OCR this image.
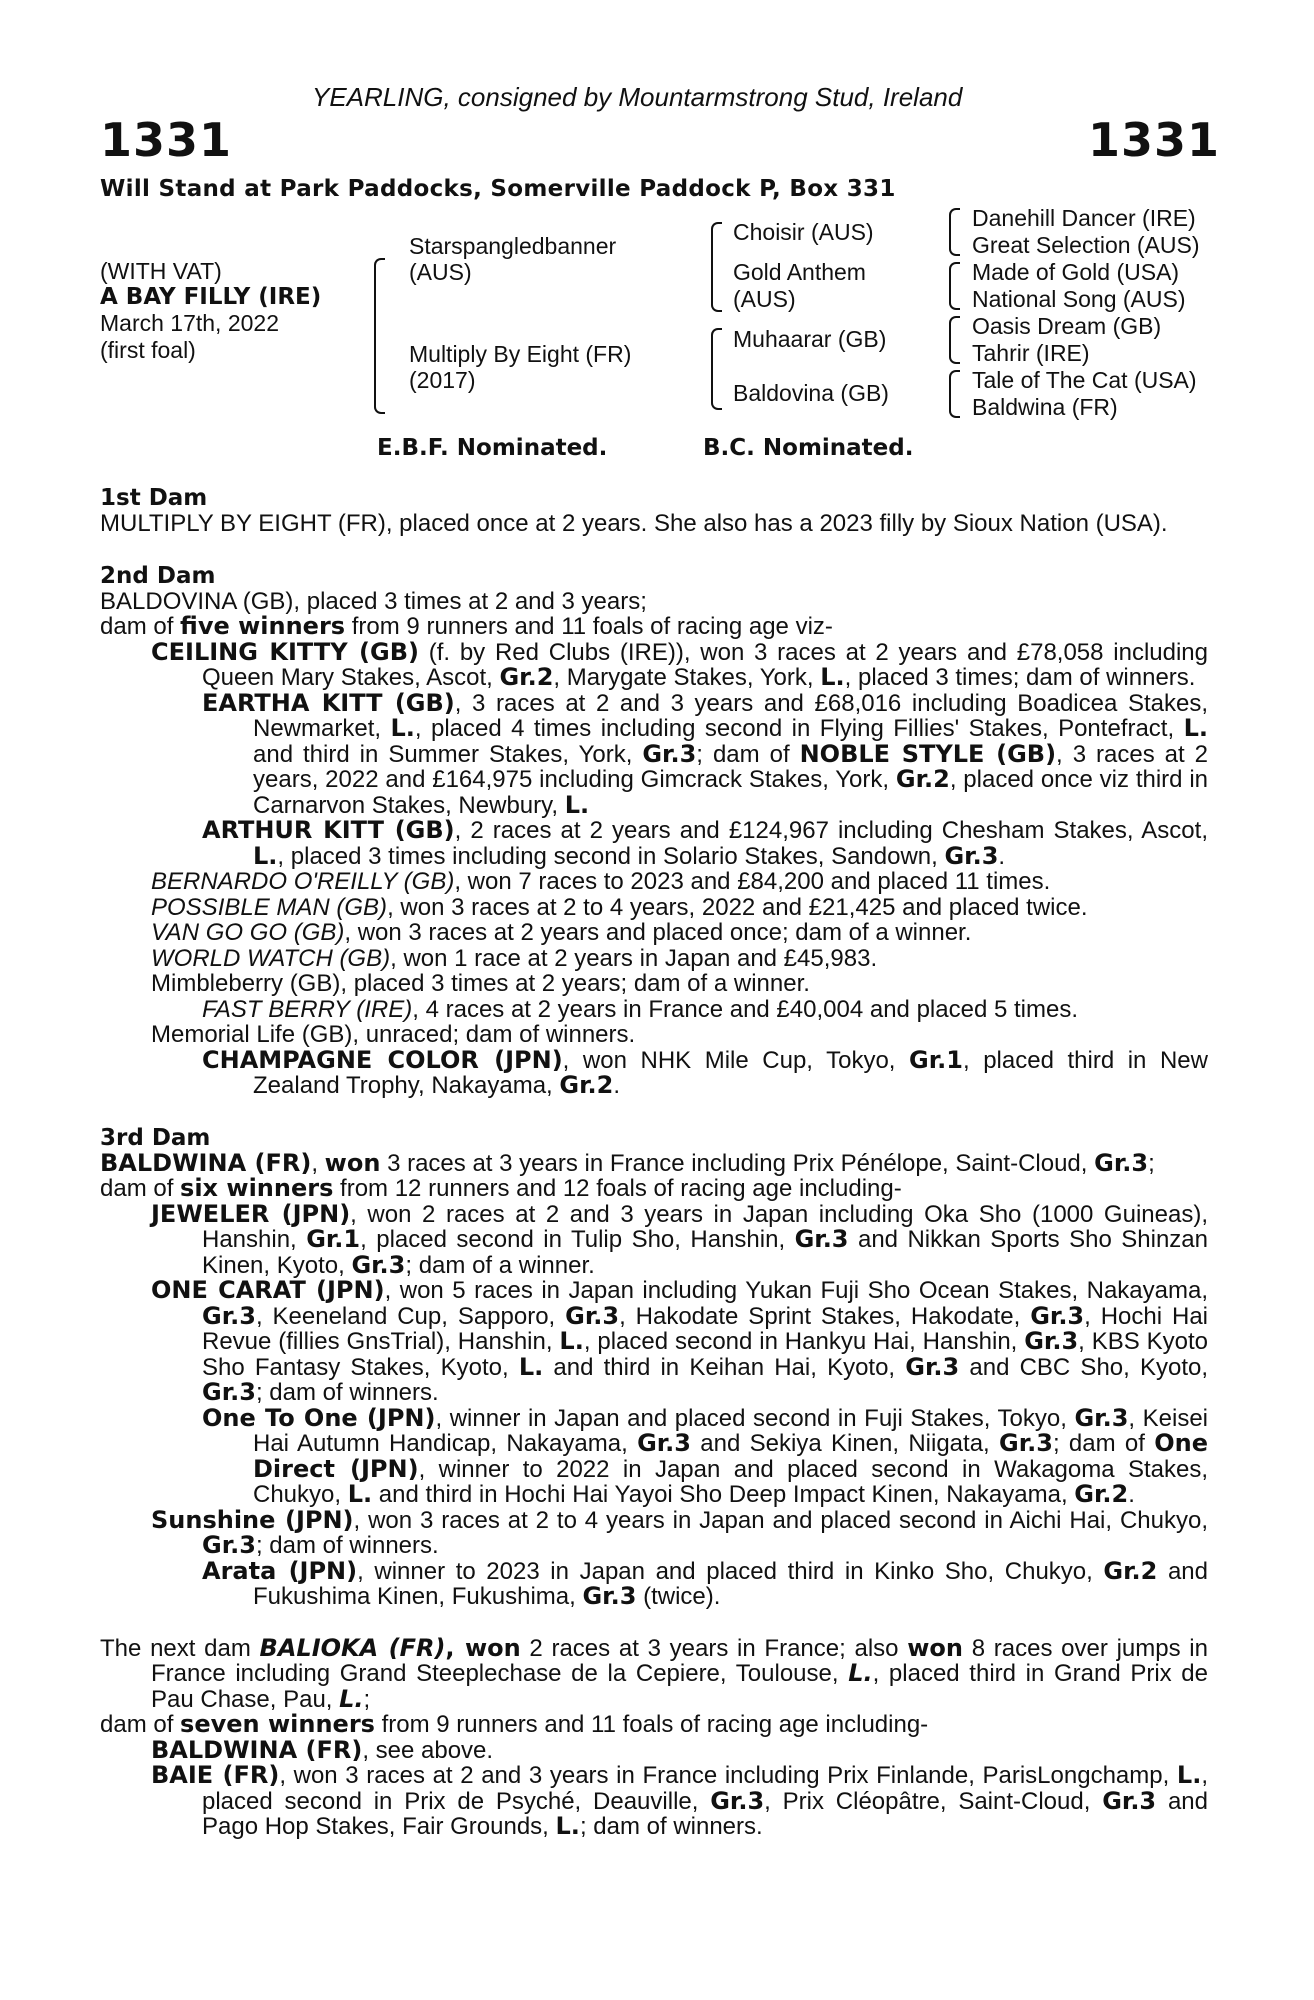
YEARLING, consigned by Mountarmstrong Stud, Ireland
1331	1331
Will Stand at Park Paddocks, Somerville Paddock P, Box 331
(WITH VAT)
A BAY FILLY (IRE)
March 17th, 2022
(first foal)
Starspangledbanner
(AUS)
Multiply By Eight (FR)
(2017)
Choisir (AUS)
Gold Anthem
(AUS)
Muhaarar (GB)
Baldovina (GB)
Danehill Dancer (IRE)
Great Selection (AUS)
Made of Gold (USA)
National Song (AUS)
Oasis Dream (GB)
Tahrir (IRE)
Tale of The Cat (USA)
Baldwina (FR)
E.B.F. Nominated.	B.C. Nominated.
1st Dam

MULTIPLY BY EIGHT (FR), placed once at 2 years. She also has a 2023 filly by Sioux Nation (USA).

2nd Dam

BALDOVINA (GB), placed 3 times at 2 and 3 years;

dam of five winners from 9 runners and 11 foals of racing age viz-

CEILING KITTY (GB) (f. by Red Clubs (IRE)), won 3 races at 2 years and £78,058 including Queen Mary Stakes, Ascot, Gr.2, Marygate Stakes, York, L., placed 3 times; dam of winners.

EARTHA KITT (GB), 3 races at 2 and 3 years and £68,016 including Boadicea Stakes, Newmarket, L., placed 4 times including second in Flying Fillies' Stakes, Pontefract, L. and third in Summer Stakes, York, Gr.3; dam of NOBLE STYLE (GB), 3 races at 2 years, 2022 and £164,975 including Gimcrack Stakes, York, Gr.2, placed once viz third in Carnarvon Stakes, Newbury, L.

ARTHUR KITT (GB), 2 races at 2 years and £124,967 including Chesham Stakes, Ascot, L., placed 3 times including second in Solario Stakes, Sandown, Gr.3.

BERNARDO O'REILLY (GB), won 7 races to 2023 and £84,200 and placed 11 times.

POSSIBLE MAN (GB), won 3 races at 2 to 4 years, 2022 and £21,425 and placed twice.

VAN GO GO (GB), won 3 races at 2 years and placed once; dam of a winner.

WORLD WATCH (GB), won 1 race at 2 years in Japan and £45,983.

Mimbleberry (GB), placed 3 times at 2 years; dam of a winner.

FAST BERRY (IRE), 4 races at 2 years in France and £40,004 and placed 5 times.

Memorial Life (GB), unraced; dam of winners.

CHAMPAGNE COLOR (JPN), won NHK Mile Cup, Tokyo, Gr.1, placed third in New Zealand Trophy, Nakayama, Gr.2.

3rd Dam

BALDWINA (FR), won 3 races at 3 years in France including Prix Pénélope, Saint-Cloud, Gr.3;

dam of six winners from 12 runners and 12 foals of racing age including-

JEWELER (JPN), won 2 races at 2 and 3 years in Japan including Oka Sho (1000 Guineas), Hanshin, Gr.1, placed second in Tulip Sho, Hanshin, Gr.3 and Nikkan Sports Sho Shinzan Kinen, Kyoto, Gr.3; dam of a winner.

ONE CARAT (JPN), won 5 races in Japan including Yukan Fuji Sho Ocean Stakes, Nakayama, Gr.3, Keeneland Cup, Sapporo, Gr.3, Hakodate Sprint Stakes, Hakodate, Gr.3, Hochi Hai Revue (fillies GnsTrial), Hanshin, L., placed second in Hankyu Hai, Hanshin, Gr.3, KBS Kyoto Sho Fantasy Stakes, Kyoto, L. and third in Keihan Hai, Kyoto, Gr.3 and CBC Sho, Kyoto, Gr.3; dam of winners.

One To One (JPN), winner in Japan and placed second in Fuji Stakes, Tokyo, Gr.3, Keisei Hai Autumn Handicap, Nakayama, Gr.3 and Sekiya Kinen, Niigata, Gr.3; dam of One Direct (JPN), winner to 2022 in Japan and placed second in Wakagoma Stakes, Chukyo, L. and third in Hochi Hai Yayoi Sho Deep Impact Kinen, Nakayama, Gr.2.

Sunshine (JPN), won 3 races at 2 to 4 years in Japan and placed second in Aichi Hai, Chukyo, Gr.3; dam of winners.

Arata (JPN), winner to 2023 in Japan and placed third in Kinko Sho, Chukyo, Gr.2 and Fukushima Kinen, Fukushima, Gr.3 (twice).

The next dam BALIOKA (FR), won 2 races at 3 years in France; also won 8 races over jumps in France including Grand Steeplechase de la Cepiere, Toulouse, L., placed third in Grand Prix de Pau Chase, Pau, L.;

dam of seven winners from 9 runners and 11 foals of racing age including-

BALDWINA (FR), see above.

BAIE (FR), won 3 races at 2 and 3 years in France including Prix Finlande, ParisLongchamp, L., placed second in Prix de Psyché, Deauville, Gr.3, Prix Cléopâtre, Saint-Cloud, Gr.3 and Pago Hop Stakes, Fair Grounds, L.; dam of winners.
